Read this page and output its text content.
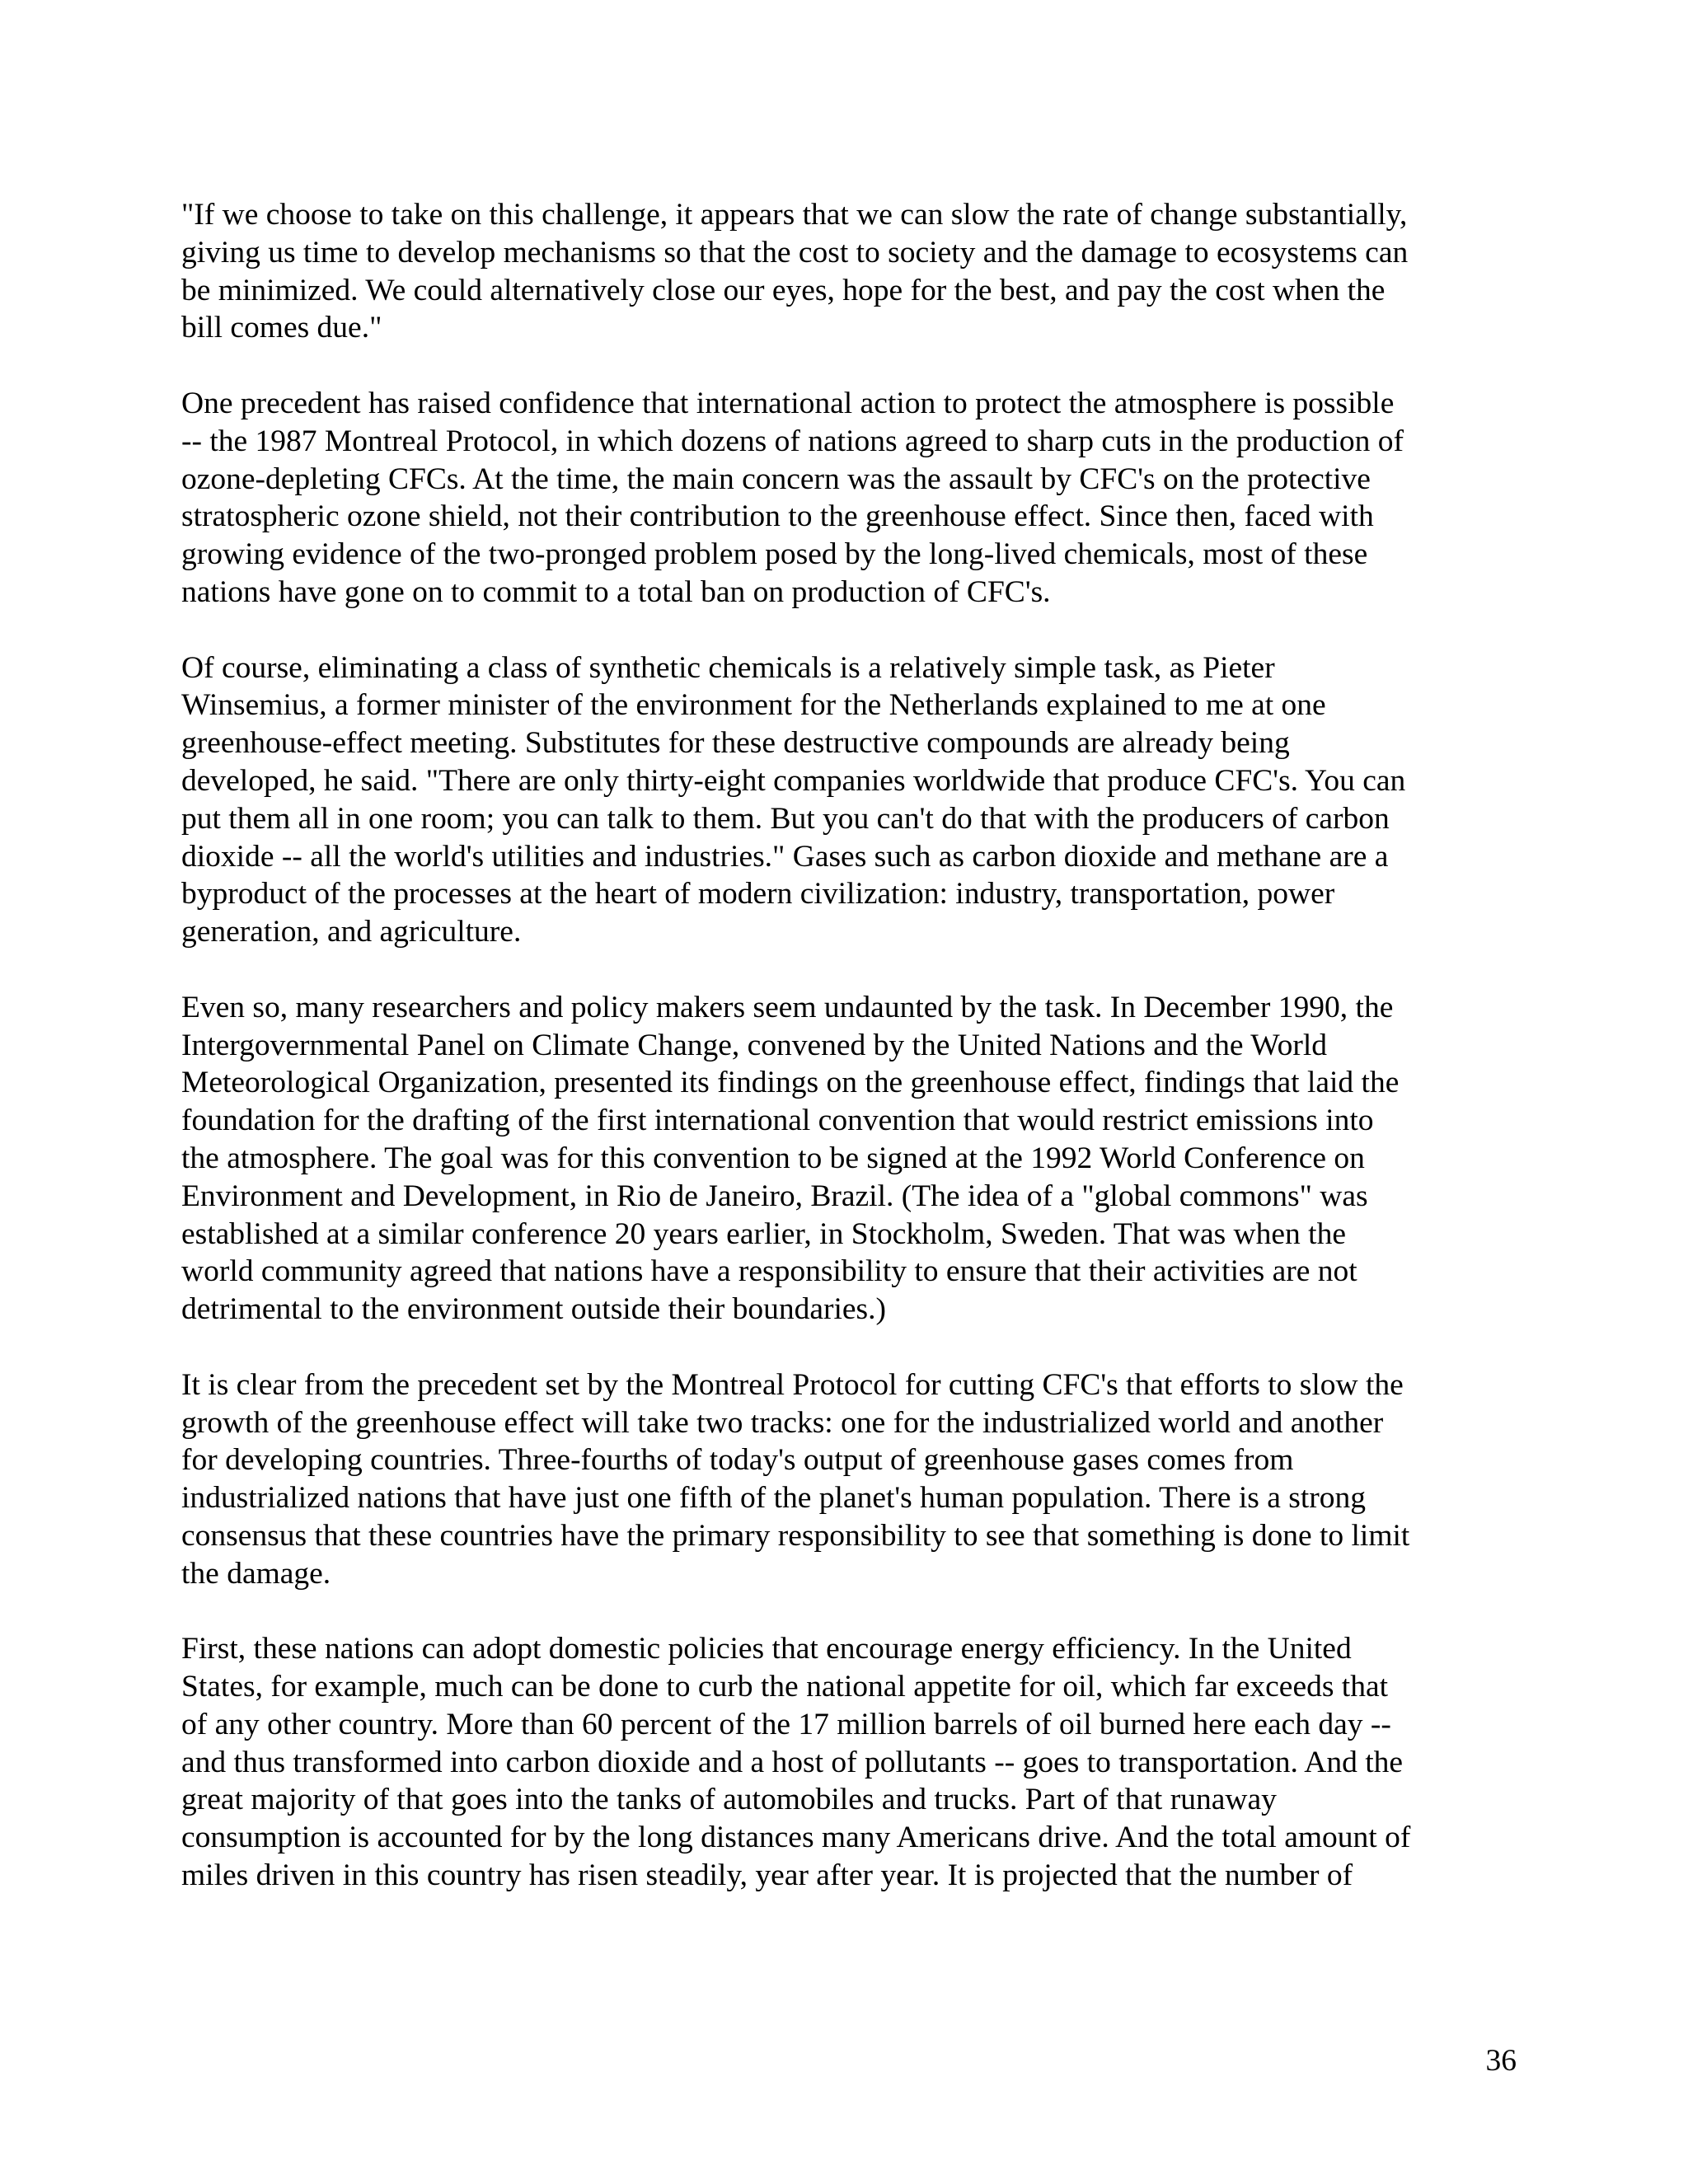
"If we choose to take on this challenge, it appears that we can slow the rate of change substantially,
giving us time to develop mechanisms so that the cost to society and the damage to ecosystems can
be minimized. We could alternatively close our eyes, hope for the best, and pay the cost when the
bill comes due."

One precedent has raised confidence that international action to protect the atmosphere is possible
-- the 1987 Montreal Protocol, in which dozens of nations agreed to sharp cuts in the production of
ozone-depleting CFCs. At the time, the main concern was the assault by CFC's on the protective
stratospheric ozone shield, not their contribution to the greenhouse effect. Since then, faced with
growing evidence of the two-pronged problem posed by the long-lived chemicals, most of these
nations have gone on to commit to a total ban on production of CFC's.

Of course, eliminating a class of synthetic chemicals is a relatively simple task, as Pieter
Winsemius, a former minister of the environment for the Netherlands explained to me at one
greenhouse-effect meeting. Substitutes for these destructive compounds are already being
developed, he said. "There are only thirty-eight companies worldwide that produce CFC's. You can
put them all in one room; you can talk to them. But you can't do that with the producers of carbon
dioxide -- all the world's utilities and industries." Gases such as carbon dioxide and methane are a
byproduct of the processes at the heart of modern civilization: industry, transportation, power
generation, and agriculture.

Even so, many researchers and policy makers seem undaunted by the task. In December 1990, the
Intergovernmental Panel on Climate Change, convened by the United Nations and the World
Meteorological Organization, presented its findings on the greenhouse effect, findings that laid the
foundation for the drafting of the first international convention that would restrict emissions into
the atmosphere. The goal was for this convention to be signed at the 1992 World Conference on
Environment and Development, in Rio de Janeiro, Brazil. (The idea of a "global commons" was
established at a similar conference 20 years earlier, in Stockholm, Sweden. That was when the
world community agreed that nations have a responsibility to ensure that their activities are not
detrimental to the environment outside their boundaries.)

It is clear from the precedent set by the Montreal Protocol for cutting CFC's that efforts to slow the
growth of the greenhouse effect will take two tracks: one for the industrialized world and another
for developing countries. Three-fourths of today's output of greenhouse gases comes from
industrialized nations that have just one fifth of the planet's human population. There is a strong
consensus that these countries have the primary responsibility to see that something is done to limit
the damage.

First, these nations can adopt domestic policies that encourage energy efficiency. In the United
States, for example, much can be done to curb the national appetite for oil, which far exceeds that
of any other country. More than 60 percent of the 17 million barrels of oil burned here each day --
and thus transformed into carbon dioxide and a host of pollutants -- goes to transportation. And the
great majority of that goes into the tanks of automobiles and trucks. Part of that runaway
consumption is accounted for by the long distances many Americans drive. And the total amount of
miles driven in this country has risen steadily, year after year. It is projected that the number of

36
